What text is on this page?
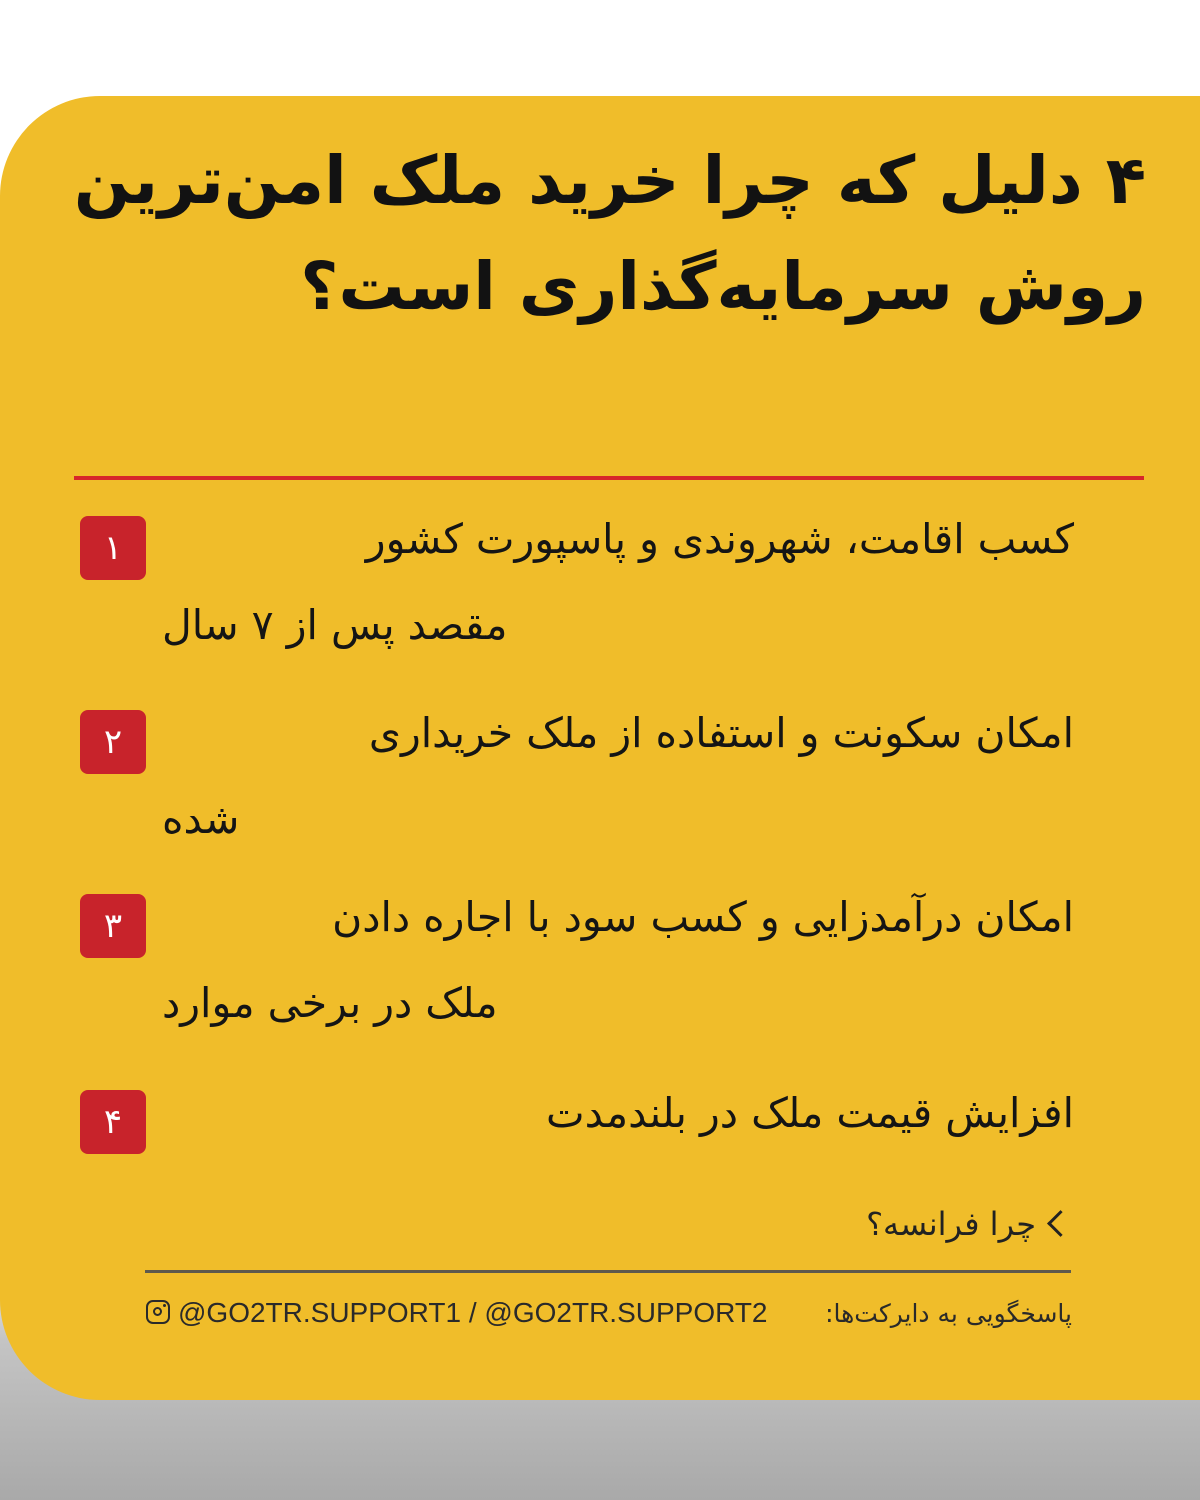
۴ دلیل که چرا خرید ملک امن‌ترین
روش سرمایه‌گذاری است؟
۱	کسب اقامت، شهروندی و پاسپورت کشور
مقصد پس از ۷ سال
۲	امکان سکونت و استفاده از ملک خریداری
شده
۳	امکان درآمدزایی و کسب سود با اجاره دادن
ملک در برخی موارد
۴	افزایش قیمت ملک در بلندمدت
چرا فرانسه؟
@GO2TR.SUPPORT1 / @GO2TR.SUPPORT2 پاسخگویی به دایرکت‌ها:
